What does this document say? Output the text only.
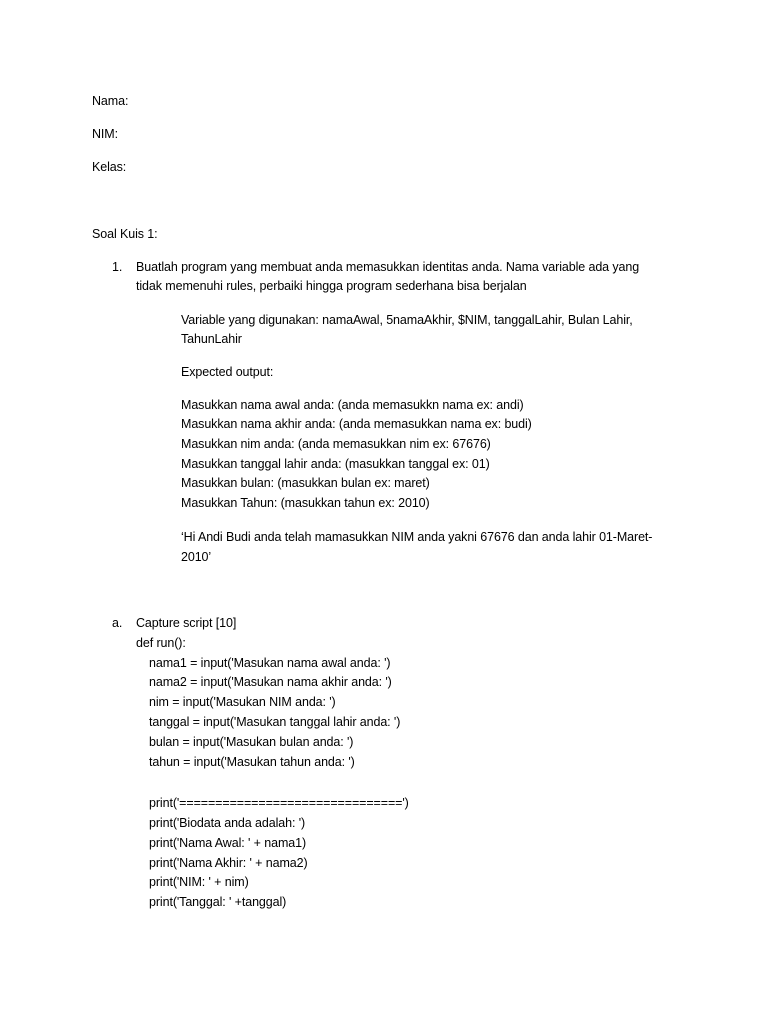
Nama:
NIM:
Kelas:
Soal Kuis 1:
1. Buatlah program yang membuat anda memasukkan identitas anda. Nama variable ada yang
tidak memenuhi rules, perbaiki hingga program sederhana bisa berjalan
Variable yang digunakan: namaAwal, 5namaAkhir, $NIM, tanggalLahir, Bulan Lahir,
TahunLahir
Expected output:
Masukkan nama awal anda: (anda memasukkn nama ex: andi)
Masukkan nama akhir anda: (anda memasukkan nama ex: budi)
Masukkan nim anda: (anda memasukkan nim ex: 67676)
Masukkan tanggal lahir anda: (masukkan tanggal ex: 01)
Masukkan bulan: (masukkan bulan ex: maret)
Masukkan Tahun: (masukkan tahun ex: 2010)
‘Hi Andi Budi anda telah mamasukkan NIM anda yakni 67676 dan anda lahir 01-Maret-
2010’
a. Capture script [10]
def run():
nama1 = input('Masukan nama awal anda: ')
nama2 = input('Masukan nama akhir anda: ')
nim = input('Masukan NIM anda: ')
tanggal = input('Masukan tanggal lahir anda: ')
bulan = input('Masukan bulan anda: ')
tahun = input('Masukan tahun anda: ')
print('===============================')
print('Biodata anda adalah: ')
print('Nama Awal: ' + nama1)
print('Nama Akhir: ' + nama2)
print('NIM: ' + nim)
print('Tanggal: ' +tanggal)
